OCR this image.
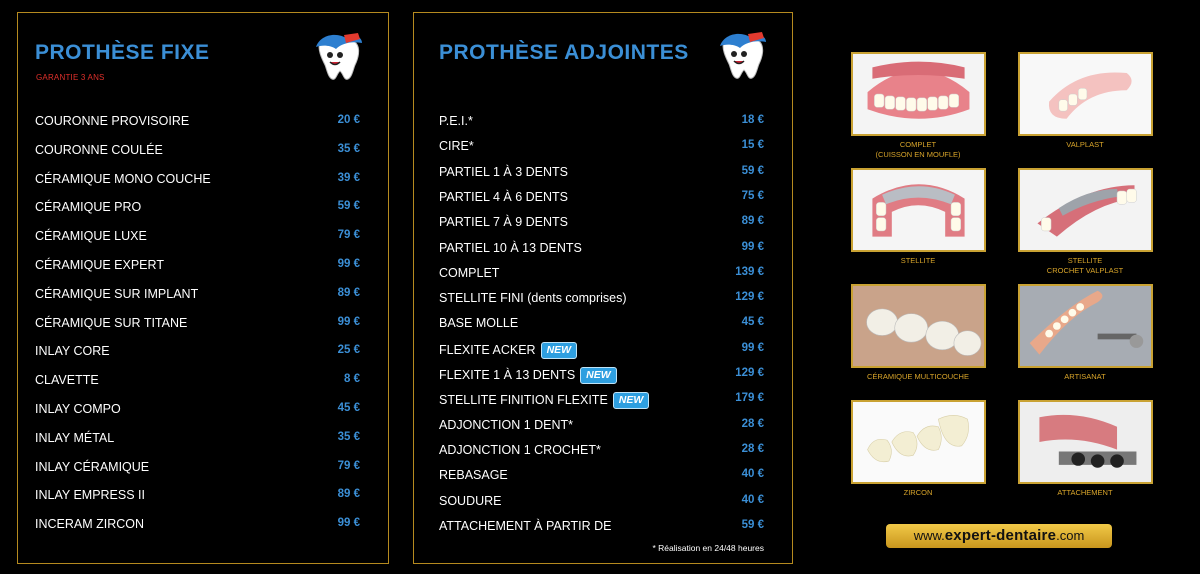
PROTHÈSE FIXE
GARANTIE 3 ANS
COURONNE PROVISOIRE	20 €
COURONNE COULÉE	35 €
CÉRAMIQUE MONO COUCHE	39 €
CÉRAMIQUE PRO	59 €
CÉRAMIQUE LUXE	79 €
CÉRAMIQUE EXPERT	99 €
CÉRAMIQUE SUR IMPLANT	89 €
CÉRAMIQUE SUR TITANE	99 €
INLAY CORE	25 €
CLAVETTE	8 €
INLAY COMPO	45 €
INLAY MÉTAL	35 €
INLAY CÉRAMIQUE	79 €
INLAY EMPRESS II	89 €
INCERAM ZIRCON	99 €
PROTHÈSE ADJOINTES
P.E.I.*	18 €
CIRE*	15 €
PARTIEL 1 À 3 DENTS	59 €
PARTIEL 4 À 6 DENTS	75 €
PARTIEL 7 À 9 DENTS	89 €
PARTIEL 10 À 13 DENTS	99 €
COMPLET	139 €
STELLITE FINI (dents comprises)	129 €
BASE MOLLE	45 €
FLEXITE ACKER NEW	99 €
FLEXITE 1 À 13 DENTS NEW	129 €
STELLITE FINITION FLEXITE NEW	179 €
ADJONCTION 1 DENT*	28 €
ADJONCTION 1 CROCHET*	28 €
REBASAGE	40 €
SOUDURE	40 €
ATTACHEMENT À PARTIR DE	59 €
* Réalisation en 24/48 heures
COMPLET
(CUISSON EN MOUFLE)
VALPLAST
STELLITE	STELLITE
CROCHET VALPLAST
CÉRAMIQUE MULTICOUCHE	ARTISANAT
ZIRCON	ATTACHEMENT
www.expert-dentaire.com
